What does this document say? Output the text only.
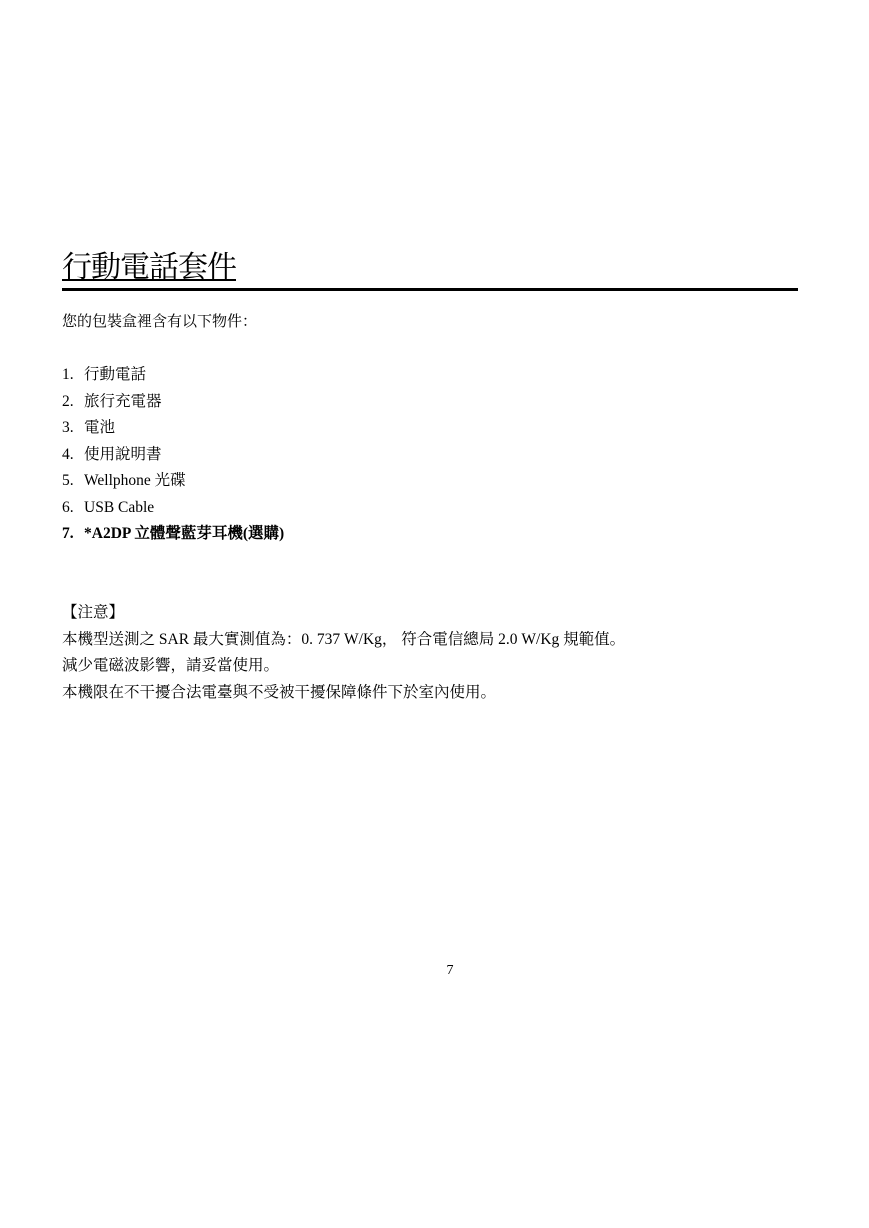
行動電話套件
您的包裝盒裡含有以下物件：
1. 行動電話
2. 旅行充電器
3. 電池
4. 使用說明書
5. Wellphone 光碟
6. USB Cable
7. *A2DP 立體聲藍芽耳機(選購)
【注意】
本機型送測之 SAR 最大實測值為：0. 737 W/Kg， 符合電信總局 2.0 W/Kg 規範值。
減少電磁波影響，請妥當使用。
本機限在不干擾合法電臺與不受被干擾保障條件下於室內使用。
7
